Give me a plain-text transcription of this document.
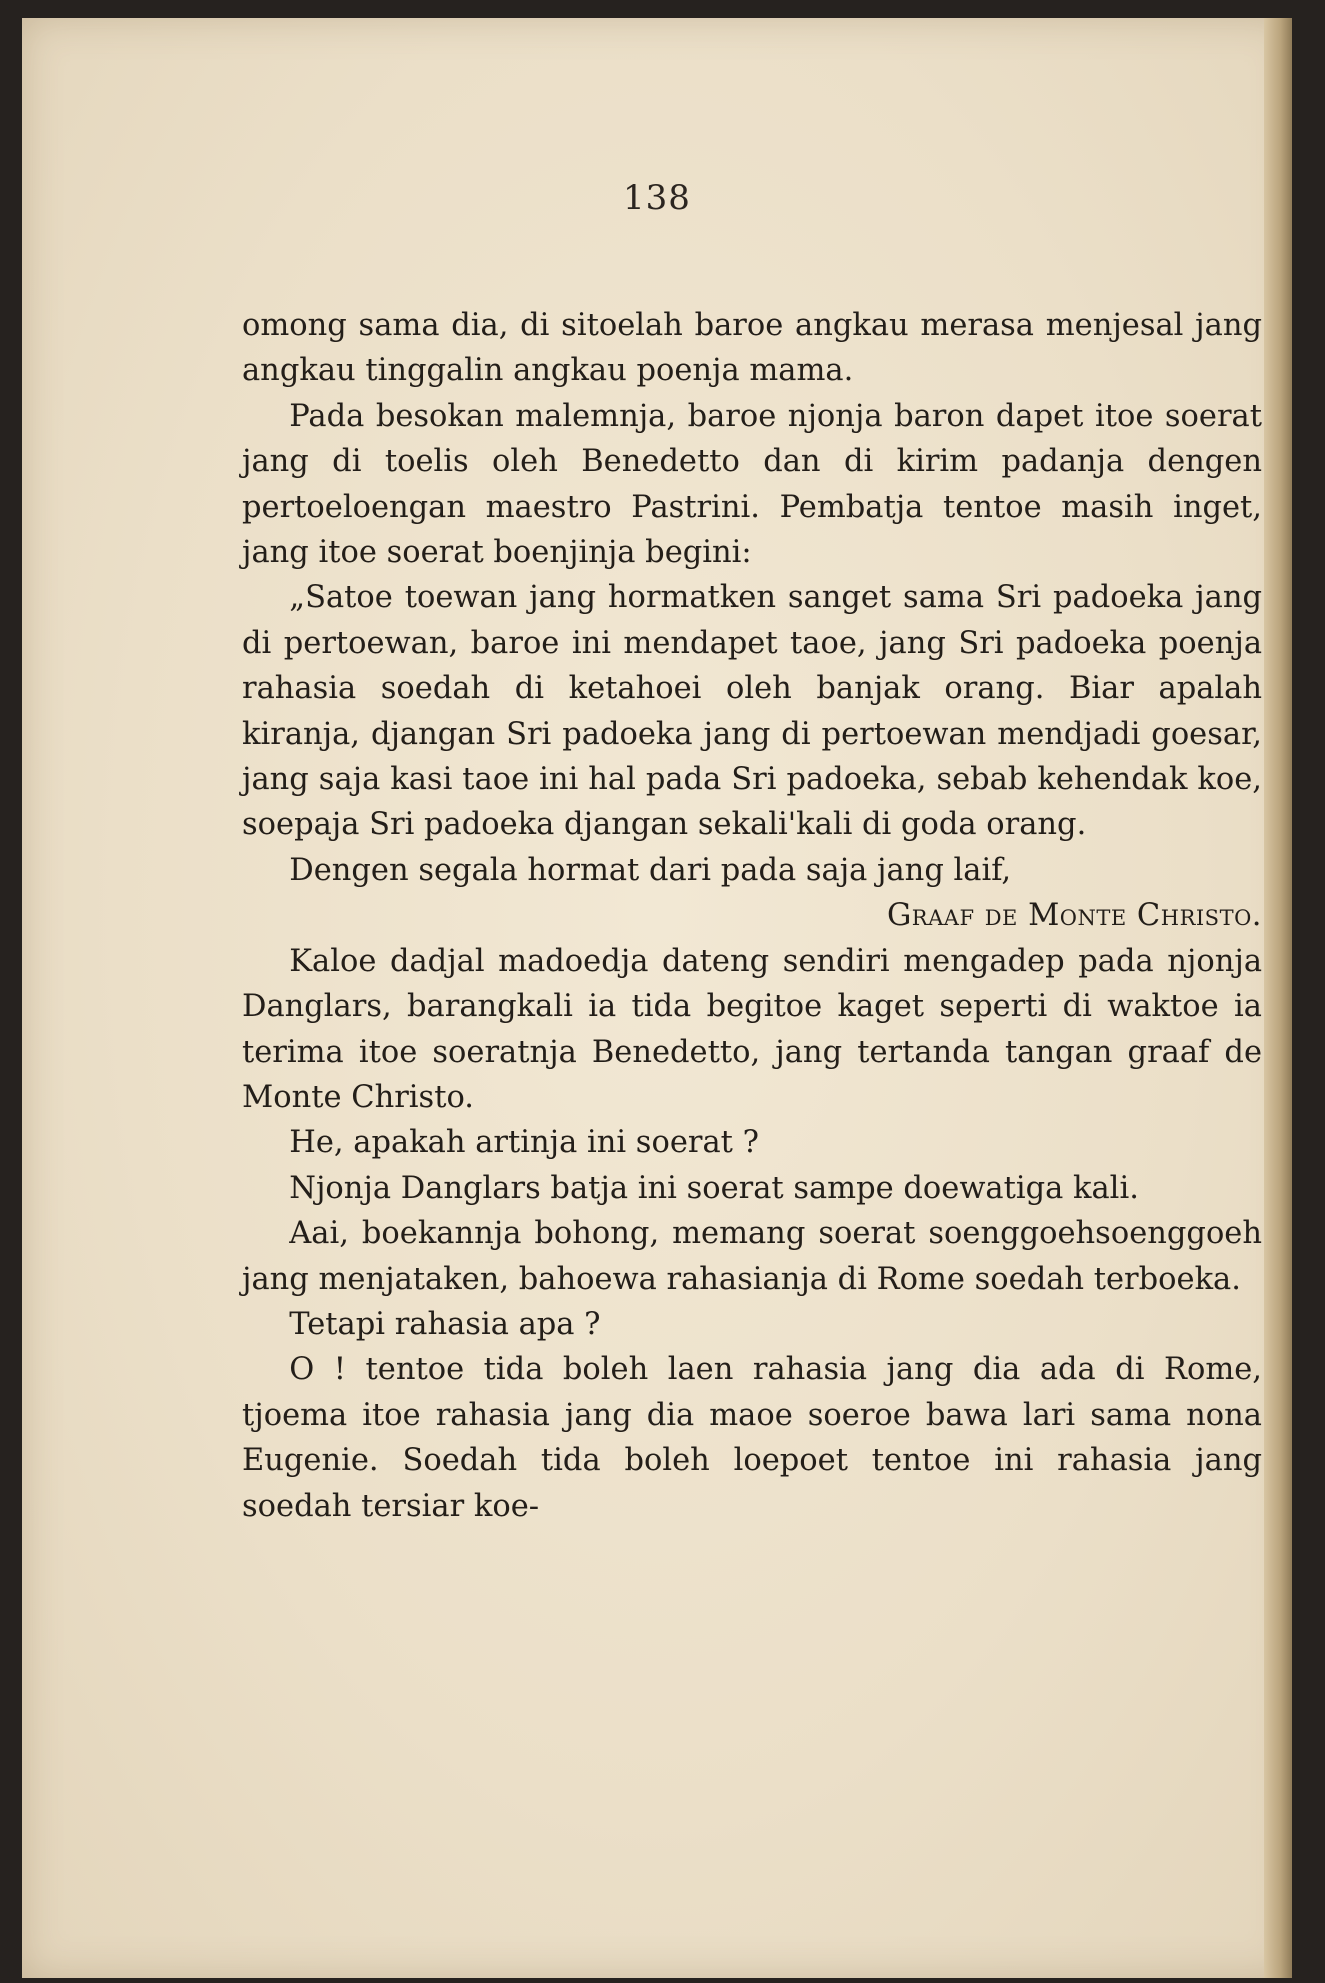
138

omong sama dia, di sitoelah baroe angkau merasa menjesal jang angkau tinggalin angkau poenja mama.

Pada besokan malemnja, baroe njonja baron dapet itoe soerat jang di toelis oleh Benedetto dan di kirim padanja dengen pertoeloengan maestro Pastrini. Pembatja tentoe masih inget, jang itoe soerat boenjinja begini:

„Satoe toewan jang hormatken sanget sama Sri padoeka jang di pertoewan, baroe ini mendapet taoe, jang Sri padoeka poenja rahasia soedah di ketahoei oleh banjak orang. Biar apalah kiranja, djangan Sri padoeka jang di pertoewan mendjadi goesar, jang saja kasi taoe ini hal pada Sri padoeka, sebab kehendak koe, soepaja Sri padoeka djangan sekali'kali di goda orang.

Dengen segala hormat dari pada saja jang laif,

Graaf de Monte Christo.

Kaloe dadjal madoedja dateng sendiri mengadep pada njonja Danglars, barangkali ia tida begitoe kaget seperti di waktoe ia terima itoe soeratnja Benedetto, jang tertanda tangan graaf de Monte Christo.

He, apakah artinja ini soerat ?

Njonja Danglars batja ini soerat sampe doewatiga kali.

Aai, boekannja bohong, memang soerat soenggoehsoenggoeh jang menjataken, bahoewa rahasianja di Rome soedah terboeka.

Tetapi rahasia apa ?

O ! tentoe tida boleh laen rahasia jang dia ada di Rome, tjoema itoe rahasia jang dia maoe soeroe bawa lari sama nona Eugenie. Soedah tida boleh loepoet tentoe ini rahasia jang soedah tersiar koe-
